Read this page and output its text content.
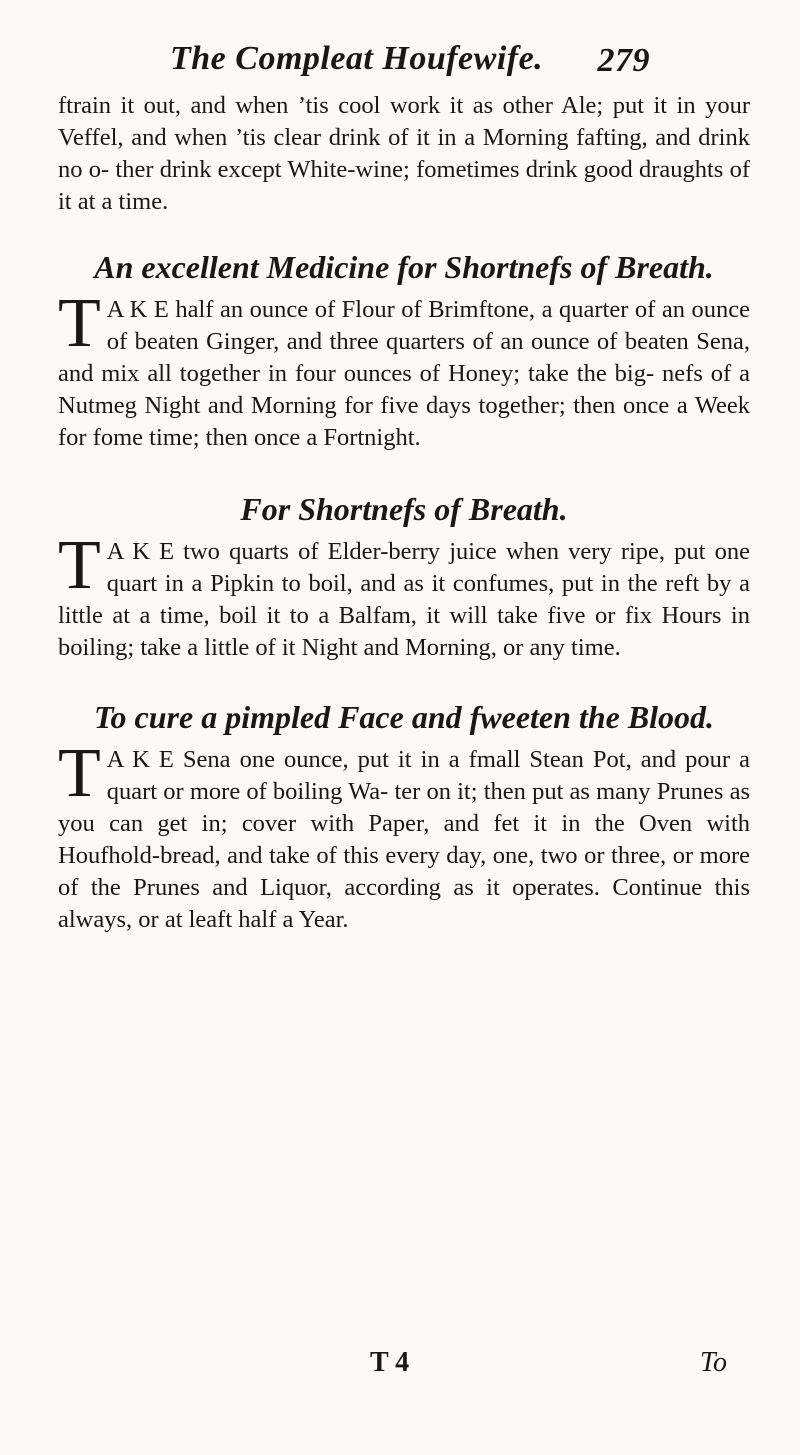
The Compleat Houfewife. 279

ftrain it out, and when ’tis cool work it as other Ale; put it in your Veffel, and when ’tis clear drink of it in a Morning fafting, and drink no o- ther drink except White-wine; fometimes drink good draughts of it at a time.

An excellent Medicine for Shortnefs of Breath.

T A K E half an ounce of Flour of Brimftone, a quarter of an ounce of beaten Ginger, and three quarters of an ounce of beaten Sena, and mix all together in four ounces of Honey; take the big- nefs of a Nutmeg Night and Morning for five days together; then once a Week for fome time; then once a Fortnight.

For Shortnefs of Breath.

T A K E two quarts of Elder-berry juice when very ripe, put one quart in a Pipkin to boil, and as it confumes, put in the reft by a little at a time, boil it to a Balfam, it will take five or fix Hours in boiling; take a little of it Night and Morning, or any time.

To cure a pimpled Face and fweeten the Blood.

T A K E Sena one ounce, put it in a fmall Stean Pot, and pour a quart or more of boiling Wa- ter on it; then put as many Prunes as you can get in; cover with Paper, and fet it in the Oven with Houfhold-bread, and take of this every day, one, two or three, or more of the Prunes and Liquor, according as it operates. Continue this always, or at leaft half a Year.

T 4	To
